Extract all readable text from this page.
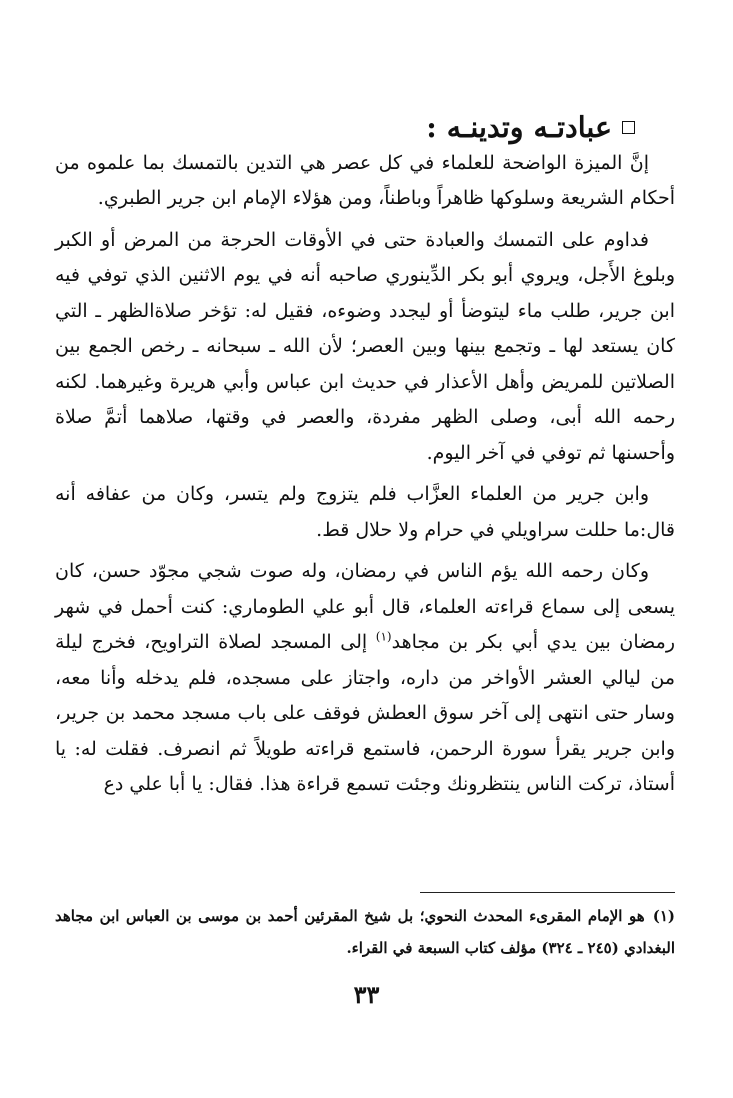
عبادتـه وتدينـه :

إنَّ الميزة الواضحة للعلماء في كل عصر هي التدين بالتمسك بما علموه من أحكام الشريعة وسلوكها ظاهراً وباطناً، ومن هؤلاء الإمام ابن جرير الطبري.

فداوم على التمسك والعبادة حتى في الأوقات الحرجة من المرض أو الكبر وبلوغ الأَجل، ويروي أبو بكر الدِّينوري صاحبه أنه في يوم الاثنين الذي توفي فيه ابن جرير، طلب ماء ليتوضأ أو ليجدد وضوءه، فقيل له: تؤخر صلاةالظهر ـ التي كان يستعد لها ـ وتجمع بينها وبين العصر؛ لأن الله ـ سبحانه ـ رخص الجمع بين الصلاتين للمريض وأهل الأعذار في حديث ابن عباس وأبي هريرة وغيرهما. لكنه رحمه الله أبى، وصلى الظهر مفردة، والعصر في وقتها، صلاهما أتمَّ صلاة وأحسنها ثم توفي في آخر اليوم.

وابن جرير من العلماء العزَّاب فلم يتزوج ولم يتسر، وكان من عفافه أنه قال:ما حللت سراويلي في حرام ولا حلال قط.

وكان رحمه الله يؤم الناس في رمضان، وله صوت شجي مجوّد حسن، كان يسعى إلى سماع قراءته العلماء، قال أبو علي الطوماري: كنت أحمل في شهر رمضان بين يدي أبي بكر بن مجاهد$^{(١)}$ إلى المسجد لصلاة التراويح، فخرج ليلة من ليالي العشر الأواخر من داره، واجتاز على مسجده، فلم يدخله وأنا معه، وسار حتى انتهى إلى آخر سوق العطش فوقف على باب مسجد محمد بن جرير، وابن جرير يقرأ سورة الرحمن، فاستمع قراءته طويلاً ثم انصرف. فقلت له: يا أستاذ، تركت الناس ينتظرونك وجئت تسمع قراءة هذا. فقال: يا أبا علي دع

(١)هو الإمام المقرىء المحدث النحوي؛ بل شيخ المقرئين أحمد بن موسى بن العباس ابن مجاهد البغدادي (٢٤٥ ـ ٣٢٤) مؤلف كتاب السبعة في القراء.

٣٣
